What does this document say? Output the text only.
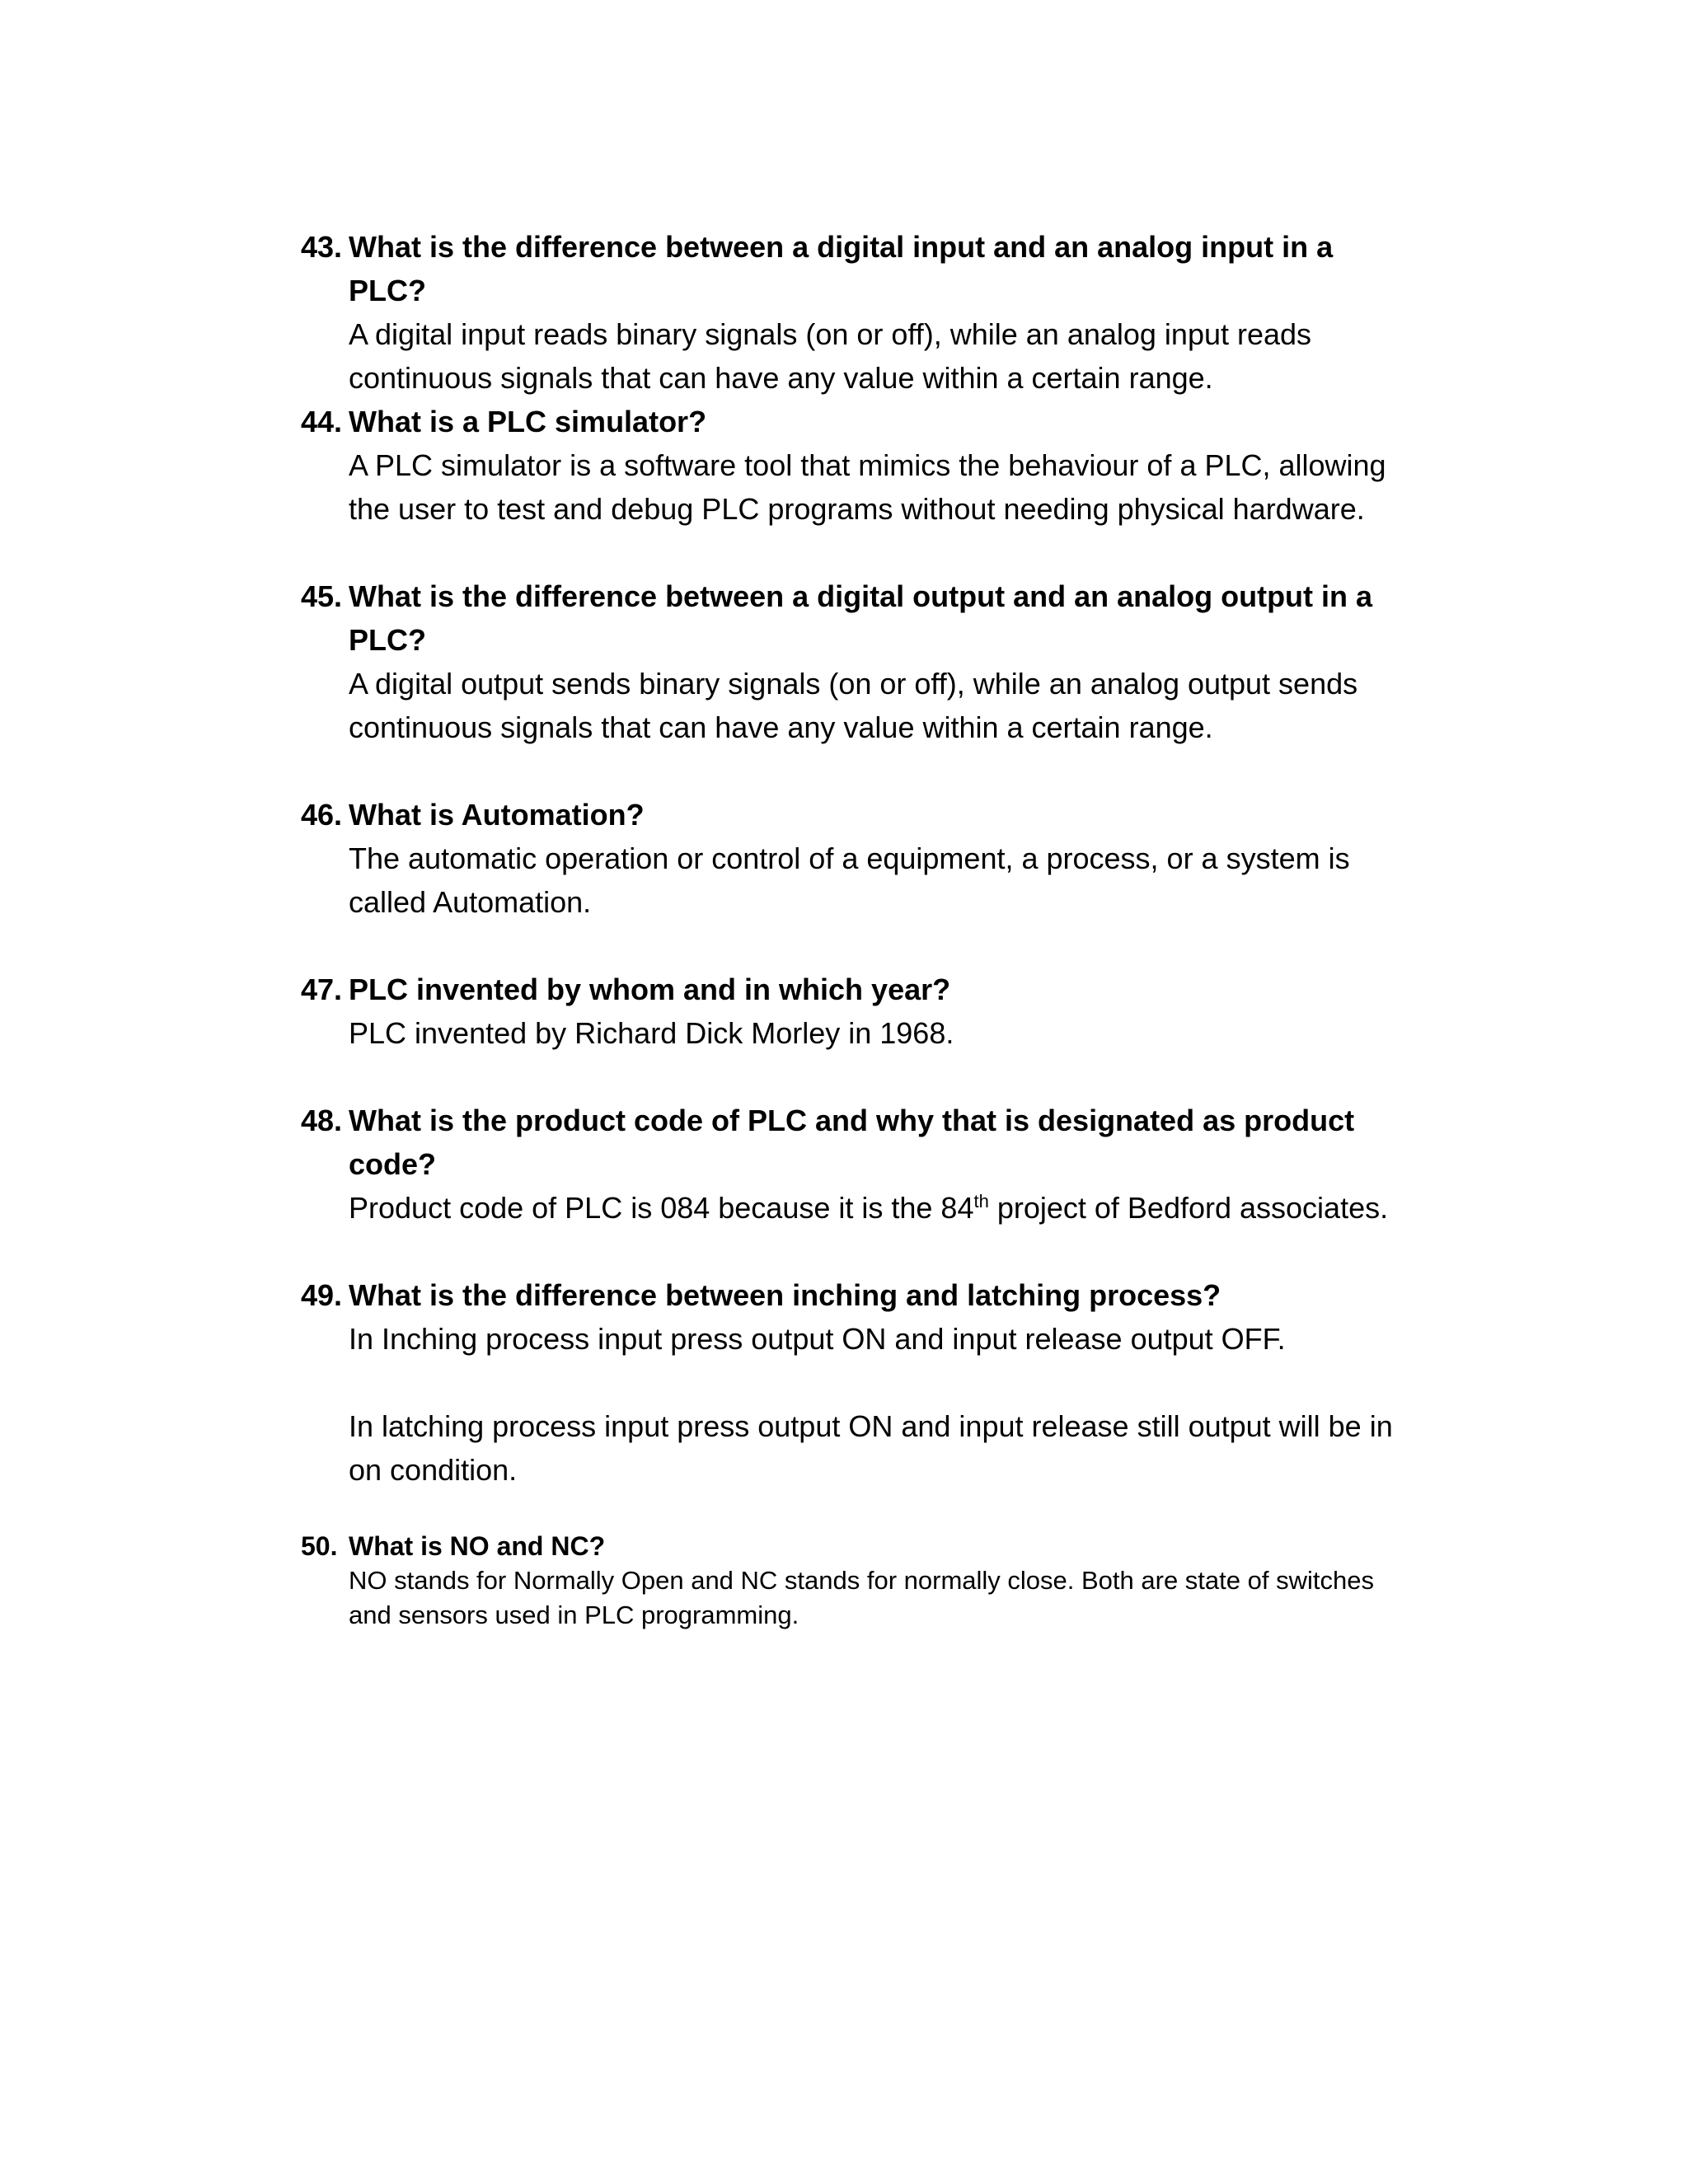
43. What is the difference between a digital input and an analog input in a PLC?

A digital input reads binary signals (on or off), while an analog input reads continuous signals that can have any value within a certain range.

44. What is a PLC simulator?

A PLC simulator is a software tool that mimics the behaviour of a PLC, allowing the user to test and debug PLC programs without needing physical hardware.

45. What is the difference between a digital output and an analog output in a PLC?

A digital output sends binary signals (on or off), while an analog output sends continuous signals that can have any value within a certain range.

46. What is Automation?

The automatic operation or control of a equipment, a process, or a system is called Automation.

47. PLC invented by whom and in which year?

PLC invented by Richard Dick Morley in 1968.

48. What is the product code of PLC and why that is designated as product code?

Product code of PLC is 084 because it is the 84th project of Bedford associates.

49. What is the difference between inching and latching process?

In Inching process input press output ON and input release output OFF.

In latching process input press output ON and input release still output will be in on condition.

50. What is NO and NC?

NO stands for Normally Open and NC stands for normally close. Both are state of switches and sensors used in PLC programming.
